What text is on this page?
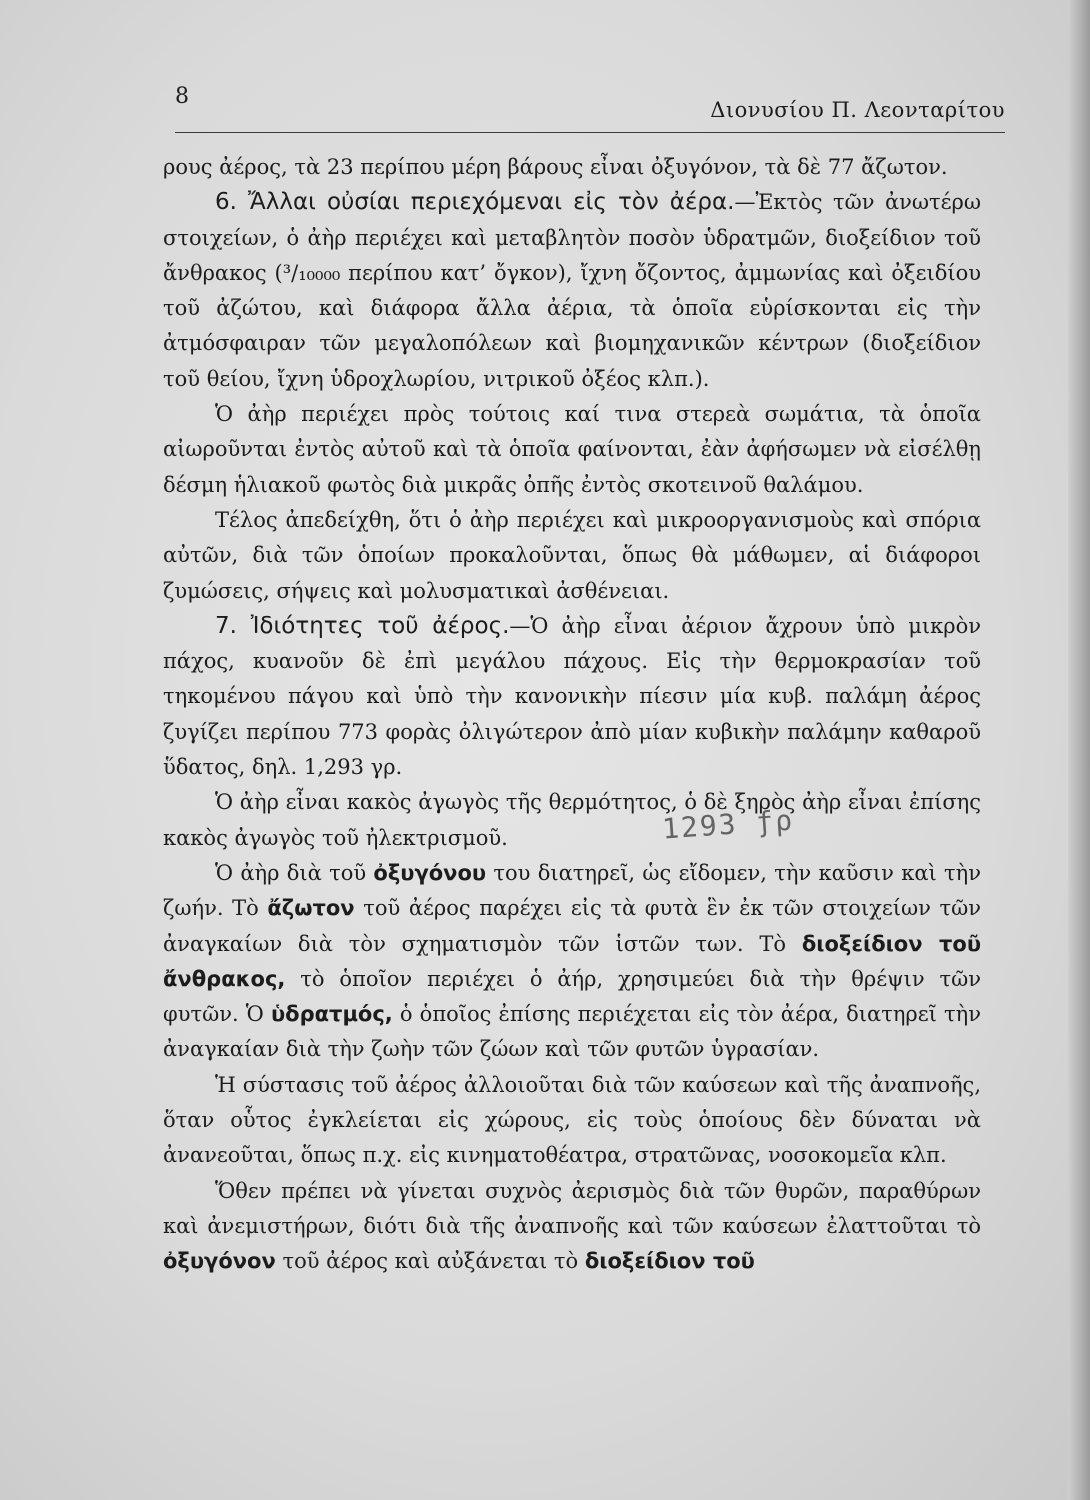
8
Διονυσίου Π. Λεονταρίτου

ρους ἀέρος, τὰ 23 περίπου μέρη βάρους εἶναι ὀξυγόνον, τὰ δὲ 77 ἄζωτον.

6. Ἄλλαι οὐσίαι περιεχόμεναι εἰς τὸν ἀέρα.—Ἐκτὸς τῶν ἀνωτέρω στοιχείων, ὁ ἀὴρ περιέχει καὶ μεταβλητὸν ποσὸν ὑδρατμῶν, διοξείδιον τοῦ ἄνθρακος (³/₁₀₀₀₀ περίπου κατ’ ὄγκον), ἴχνη ὄζοντος, ἀμμωνίας καὶ ὀξειδίου τοῦ ἀζώτου, καὶ διάφορα ἄλλα ἀέρια, τὰ ὁποῖα εὑρίσκονται εἰς τὴν ἀτμόσφαιραν τῶν μεγαλοπόλεων καὶ βιομηχανικῶν κέντρων (διοξείδιον τοῦ θείου, ἴχνη ὑδροχλωρίου, νιτρικοῦ ὀξέος κλπ.).

Ὁ ἀὴρ περιέχει πρὸς τούτοις καί τινα στερεὰ σωμάτια, τὰ ὁποῖα αἰωροῦνται ἐντὸς αὐτοῦ καὶ τὰ ὁποῖα φαίνονται, ἐὰν ἀφήσωμεν νὰ εἰσέλθῃ δέσμη ἡλιακοῦ φωτὸς διὰ μικρᾶς ὀπῆς ἐντὸς σκοτεινοῦ θαλάμου.

Τέλος ἀπεδείχθη, ὅτι ὁ ἀὴρ περιέχει καὶ μικροοργανισμοὺς καὶ σπόρια αὐτῶν, διὰ τῶν ὁποίων προκαλοῦνται, ὅπως θὰ μάθωμεν, αἱ διάφοροι ζυμώσεις, σήψεις καὶ μολυσματικαὶ ἀσθένειαι.

7. Ἰδιότητες τοῦ ἀέρος.—Ὁ ἀὴρ εἶναι ἀέριον ἄχρουν ὑπὸ μικρὸν πάχος, κυανοῦν δὲ ἐπὶ μεγάλου πάχους. Εἰς τὴν θερμοκρασίαν τοῦ τηκομένου πάγου καὶ ὑπὸ τὴν κανονικὴν πίεσιν μία κυβ. παλάμη ἀέρος ζυγίζει περίπου 773 φορὰς ὀλιγώτερον ἀπὸ μίαν κυβικὴν παλάμην καθαροῦ ὕδατος, δηλ. 1,293 γρ.

Ὁ ἀὴρ εἶναι κακὸς ἀγωγὸς τῆς θερμότητος, ὁ δὲ ξηρὸς ἀὴρ εἶναι ἐπίσης κακὸς ἀγωγὸς τοῦ ἠλεκτρισμοῦ.

Ὁ ἀὴρ διὰ τοῦ ὀξυγόνου του διατηρεῖ, ὡς εἴδομεν, τὴν καῦσιν καὶ τὴν ζωήν. Τὸ ἄζωτον τοῦ ἀέρος παρέχει εἰς τὰ φυτὰ ἓν ἐκ τῶν στοιχείων τῶν ἀναγκαίων διὰ τὸν σχηματισμὸν τῶν ἱστῶν των. Τὸ διοξείδιον τοῦ ἄνθρακος, τὸ ὁποῖον περιέχει ὁ ἀήρ, χρησιμεύει διὰ τὴν θρέψιν τῶν φυτῶν. Ὁ ὑδρατμός, ὁ ὁποῖος ἐπίσης περιέχεται εἰς τὸν ἀέρα, διατηρεῖ τὴν ἀναγκαίαν διὰ τὴν ζωὴν τῶν ζώων καὶ τῶν φυτῶν ὑγρασίαν.

Ἡ σύστασις τοῦ ἀέρος ἀλλοιοῦται διὰ τῶν καύσεων καὶ τῆς ἀναπνοῆς, ὅταν οὗτος ἐγκλείεται εἰς χώρους, εἰς τοὺς ὁποίους δὲν δύναται νὰ ἀνανεοῦται, ὅπως π.χ. εἰς κινηματοθέατρα, στρατῶνας, νοσοκομεῖα κλπ.

Ὅθεν πρέπει νὰ γίνεται συχνὸς ἀερισμὸς διὰ τῶν θυρῶν, παραθύρων καὶ ἀνεμιστήρων, διότι διὰ τῆς ἀναπνοῆς καὶ τῶν καύσεων ἐλαττοῦται τὸ ὀξυγόνον τοῦ ἀέρος καὶ αὐξάνεται τὸ διοξείδιον τοῦ

1293 ƒρ
